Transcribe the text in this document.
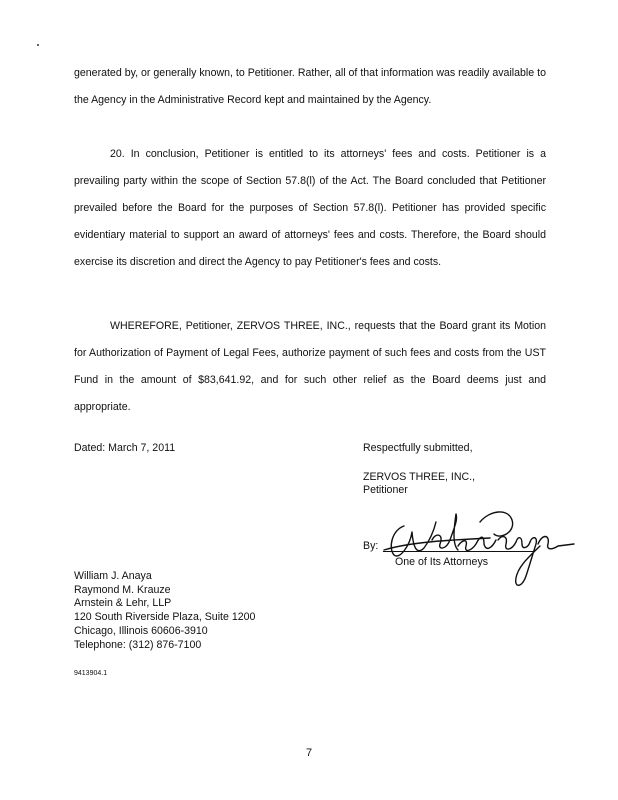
generated by, or generally known, to Petitioner. Rather, all of that information was readily available to the Agency in the Administrative Record kept and maintained by the Agency.

20. In conclusion, Petitioner is entitled to its attorneys' fees and costs. Petitioner is a prevailing party within the scope of Section 57.8(l) of the Act. The Board concluded that Petitioner prevailed before the Board for the purposes of Section 57.8(l). Petitioner has provided specific evidentiary material to support an award of attorneys' fees and costs. Therefore, the Board should exercise its discretion and direct the Agency to pay Petitioner's fees and costs.

WHEREFORE, Petitioner, ZERVOS THREE, INC., requests that the Board grant its Motion for Authorization of Payment of Legal Fees, authorize payment of such fees and costs from the UST Fund in the amount of $83,641.92, and for such other relief as the Board deems just and appropriate.

Dated: March 7, 2011	Respectfully submitted,

ZERVOS THREE, INC.,
Petitioner
By:

One of Its Attorneys

William J. Anaya
Raymond M. Krauze
Arnstein & Lehr, LLP
120 South Riverside Plaza, Suite 1200
Chicago, Illinois 60606-3910
Telephone: (312) 876-7100

9413904.1

7
